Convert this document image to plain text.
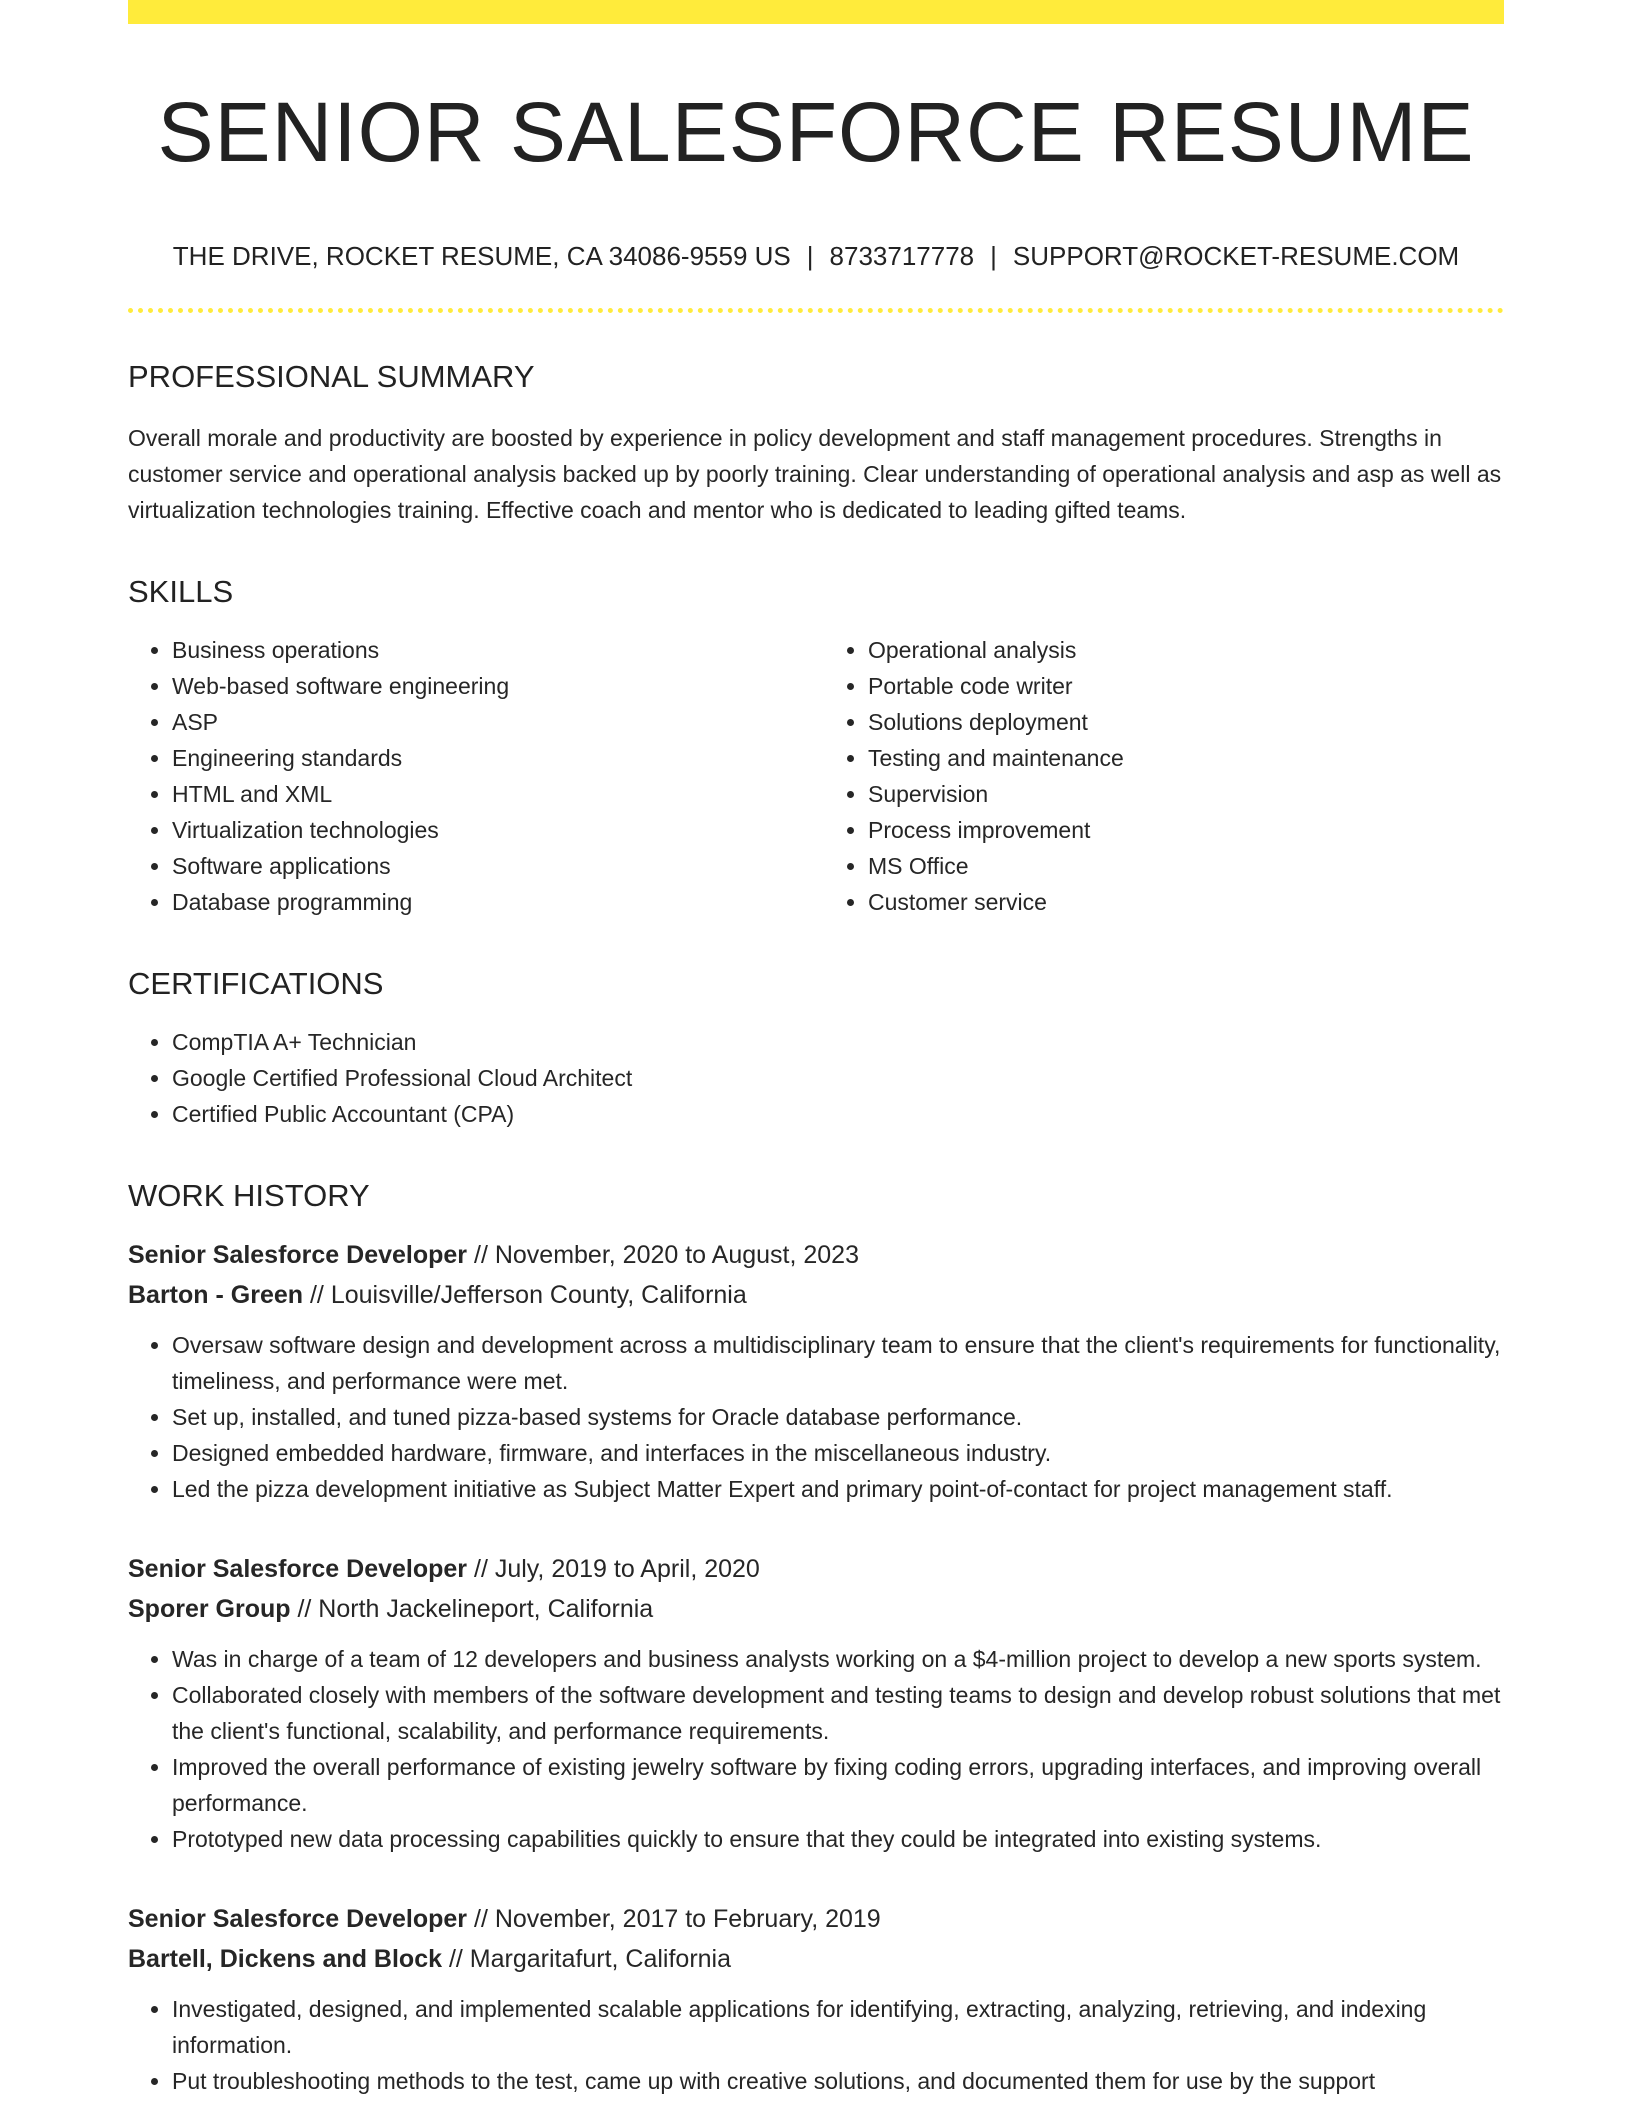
SENIOR SALESFORCE RESUME
THE DRIVE, ROCKET RESUME, CA 34086-9559 US | 8733717778 | SUPPORT@ROCKET-RESUME.COM
PROFESSIONAL SUMMARY

Overall morale and productivity are boosted by experience in policy development and staff management procedures. Strengths in customer service and operational analysis backed up by poorly training. Clear understanding of operational analysis and asp as well as virtualization technologies training. Effective coach and mentor who is dedicated to leading gifted teams.

SKILLS
• Business operations
• Web-based software engineering
• ASP
• Engineering standards
• HTML and XML
• Virtualization technologies
• Software applications
• Database programming
• Operational analysis
• Portable code writer
• Solutions deployment
• Testing and maintenance
• Supervision
• Process improvement
• MS Office
• Customer service
CERTIFICATIONS
• CompTIA A+ Technician
• Google Certified Professional Cloud Architect
• Certified Public Accountant (CPA)
WORK HISTORY
Senior Salesforce Developer // November, 2020 to August, 2023
Barton - Green // Louisville/Jefferson County, California
• Oversaw software design and development across a multidisciplinary team to ensure that the client's requirements for functionality, timeliness, and performance were met.
• Set up, installed, and tuned pizza-based systems for Oracle database performance.
• Designed embedded hardware, firmware, and interfaces in the miscellaneous industry.
• Led the pizza development initiative as Subject Matter Expert and primary point-of-contact for project management staff.
Senior Salesforce Developer // July, 2019 to April, 2020
Sporer Group // North Jackelineport, California
• Was in charge of a team of 12 developers and business analysts working on a $4-million project to develop a new sports system.
• Collaborated closely with members of the software development and testing teams to design and develop robust solutions that met the client's functional, scalability, and performance requirements.
• Improved the overall performance of existing jewelry software by fixing coding errors, upgrading interfaces, and improving overall performance.
• Prototyped new data processing capabilities quickly to ensure that they could be integrated into existing systems.
Senior Salesforce Developer // November, 2017 to February, 2019
Bartell, Dickens and Block // Margaritafurt, California
• Investigated, designed, and implemented scalable applications for identifying, extracting, analyzing, retrieving, and indexing information.
• Put troubleshooting methods to the test, came up with creative solutions, and documented them for use by the support
